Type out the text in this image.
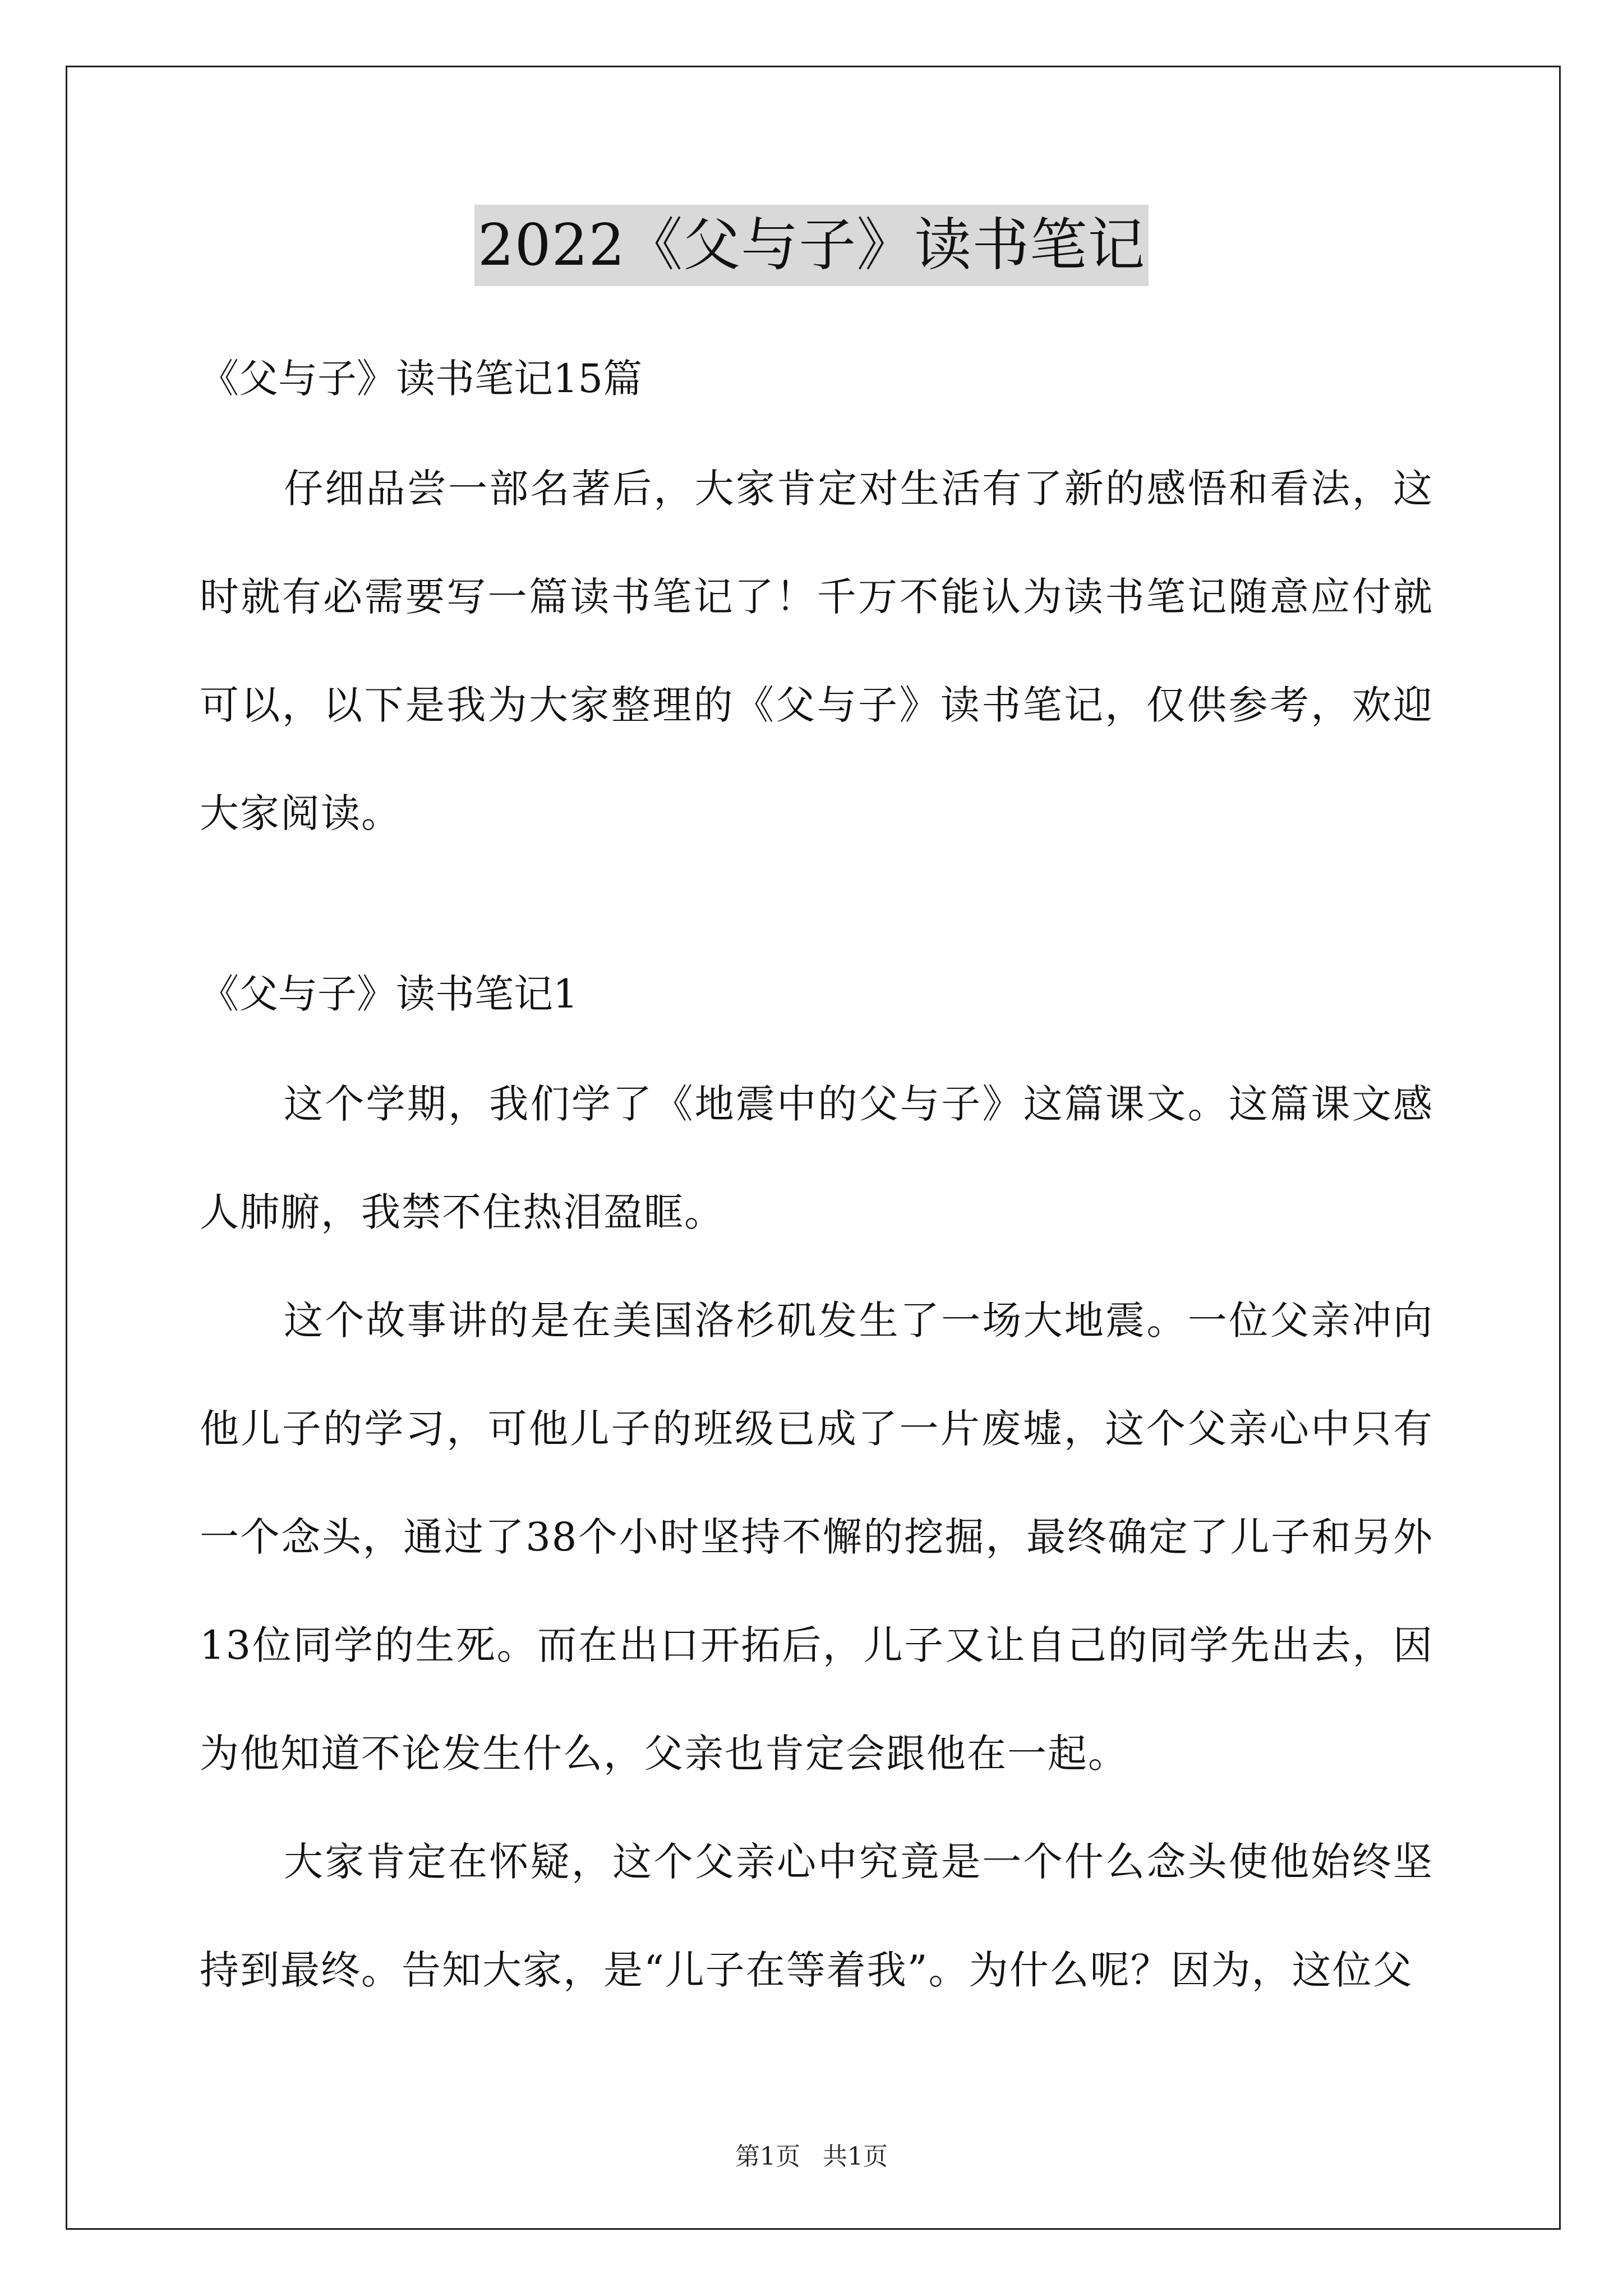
2022《父与子》读书笔记

《父与子》读书笔记15篇

仔细品尝一部名著后，大家肯定对生活有了新的感悟和看法，这时就有必需要写一篇读书笔记了！千万不能认为读书笔记随意应付就可以，以下是我为大家整理的《父与子》读书笔记，仅供参考，欢迎大家阅读。

《父与子》读书笔记1

这个学期，我们学了《地震中的父与子》这篇课文。这篇课文感人肺腑，我禁不住热泪盈眶。

这个故事讲的是在美国洛杉矶发生了一场大地震。一位父亲冲向他儿子的学习，可他儿子的班级已成了一片废墟，这个父亲心中只有一个念头，通过了38个小时坚持不懈的挖掘，最终确定了儿子和另外13位同学的生死。而在出口开拓后，儿子又让自己的同学先出去，因为他知道不论发生什么，父亲也肯定会跟他在一起。

大家肯定在怀疑，这个父亲心中究竟是一个什么念头使他始终坚持到最终。告知大家，是“儿子在等着我”。为什么呢？因为，这位父

第1页 共1页
